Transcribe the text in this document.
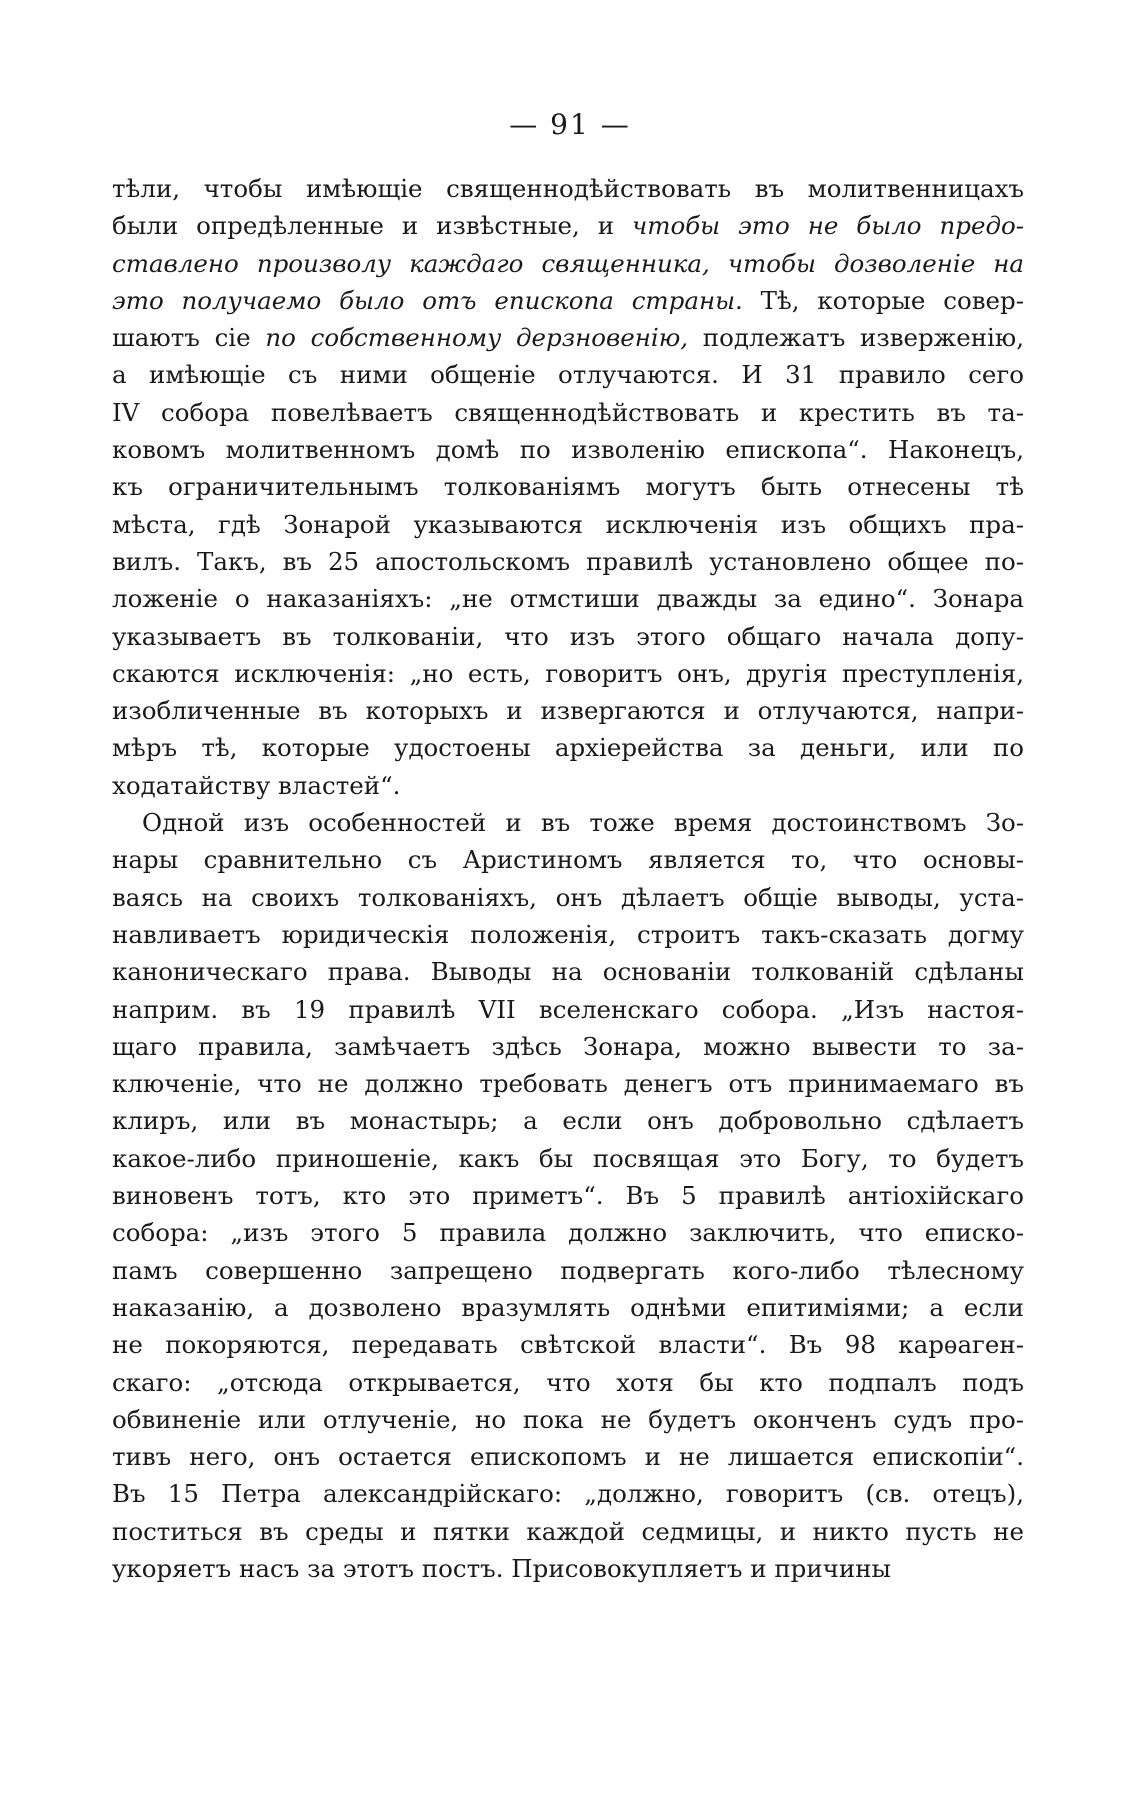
— 91 —
тѣли, чтобы имѣющіе священнодѣйствовать въ молитвенницахъ
были опредѣленные и извѣстные, и чтобы это не было предо-
ставлено произволу каждаго священника, чтобы дозволеніе на
это получаемо было отъ епископа страны. Тѣ, которые совер-
шаютъ сіе по собственному дерзновенію, подлежатъ изверженію,
а имѣющіе съ ними общеніе отлучаются. И 31 правило сего
IV собора повелѣваетъ священнодѣйствовать и крестить въ та-
ковомъ молитвенномъ домѣ по изволенію епископа“. Наконецъ,
къ ограничительнымъ толкованіямъ могутъ быть отнесены тѣ
мѣста, гдѣ Зонарой указываются исключенія изъ общихъ пра-
вилъ. Такъ, въ 25 апостольскомъ правилѣ установлено общее по-
ложеніе о наказаніяхъ: „не отмстиши дважды за едино“. Зонара
указываетъ въ толкованіи, что изъ этого общаго начала допу-
скаются исключенія: „но есть, говоритъ онъ, другія преступленія,
изобличенные въ которыхъ и извергаются и отлучаются, напри-
мѣръ тѣ, которые удостоены архіерейства за деньги, или по
ходатайству властей“.
Одной изъ особенностей и въ тоже время достоинствомъ Зо-
нары сравнительно съ Аристиномъ является то, что основы-
ваясь на своихъ толкованіяхъ, онъ дѣлаетъ общіе выводы, уста-
навливаетъ юридическія положенія, строитъ такъ-сказать догму
каноническаго права. Выводы на основаніи толкованій сдѣланы
наприм. въ 19 правилѣ VII вселенскаго собора. „Изъ настоя-
щаго правила, замѣчаетъ здѣсь Зонара, можно вывести то за-
ключеніе, что не должно требовать денегъ отъ принимаемаго въ
клиръ, или въ монастырь; а если онъ добровольно сдѣлаетъ
какое-либо приношеніе, какъ бы посвящая это Богу, то будетъ
виновенъ тотъ, кто это приметъ“. Въ 5 правилѣ антіохійскаго
собора: „изъ этого 5 правила должно заключить, что еписко-
памъ совершенно запрещено подвергать кого-либо тѣлесному
наказанію, а дозволено вразумлять однѣми епитиміями; а если
не покоряются, передавать свѣтской власти“. Въ 98 карѳаген-
скаго: „отсюда открывается, что хотя бы кто подпалъ подъ
обвиненіе или отлученіе, но пока не будетъ оконченъ судъ про-
тивъ него, онъ остается епископомъ и не лишается епископіи“.
Въ 15 Петра александрійскаго: „должно, говоритъ (св. отецъ),
поститься въ среды и пятки каждой седмицы, и никто пусть не
укоряетъ насъ за этотъ постъ. Присовокупляетъ и причины
